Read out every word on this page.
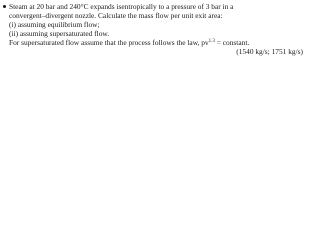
Steam at 20 bar and 240°C expands isentropically to a pressure of 3 bar in a
convergent–divergent nozzle. Calculate the mass flow per unit exit area:
(i) assuming equilibrium flow;
(ii) assuming supersaturated flow.
For supersaturated flow assume that the process follows the law, $pv^{1.3}$ = constant.
(1540 kg/s; 1751 kg/s)
